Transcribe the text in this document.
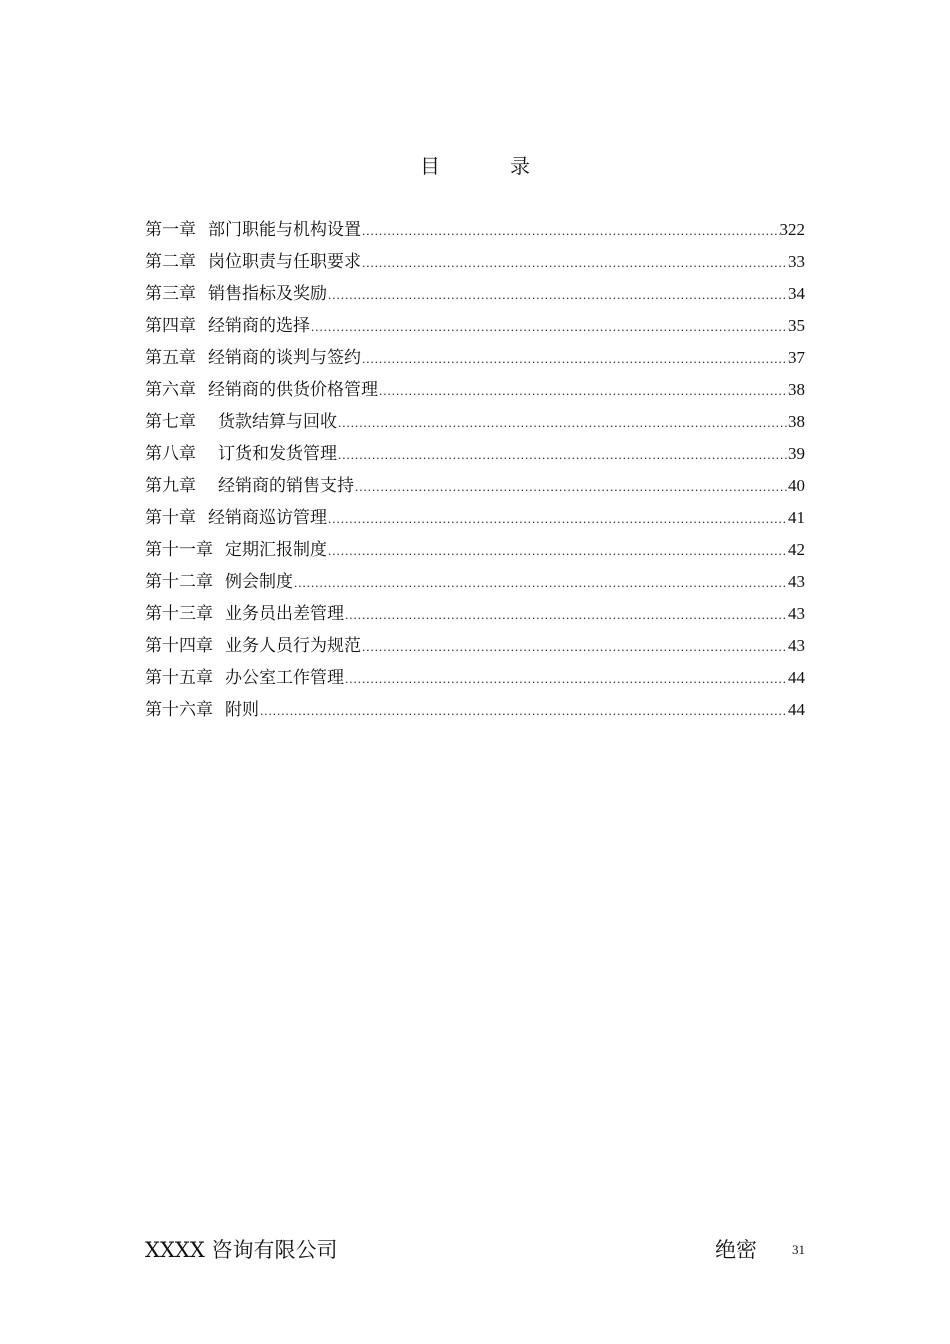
目	录
第一章 部门职能与机构设置 .....	322
第二章 岗位职责与任职要求 .....	33
第三章 销售指标及奖励 .....	34
第四章 经销商的选择 .....	35
第五章 经销商的谈判与签约 .....	37
第六章 经销商的供货价格管理 .....	38
第七章 货款结算与回收 .....	38
第八章 订货和发货管理 .....	39
第九章 经销商的销售支持 .....	40
第十章 经销商巡访管理 .....	41
第十一章 定期汇报制度 .....	42
第十二章 例会制度 .....	43
第十三章 业务员出差管理 .....	43
第十四章 业务人员行为规范 .....	43
第十五章 办公室工作管理 .....	44
第十六章 附则 .....	44
XXXX 咨询有限公司	绝密	31
